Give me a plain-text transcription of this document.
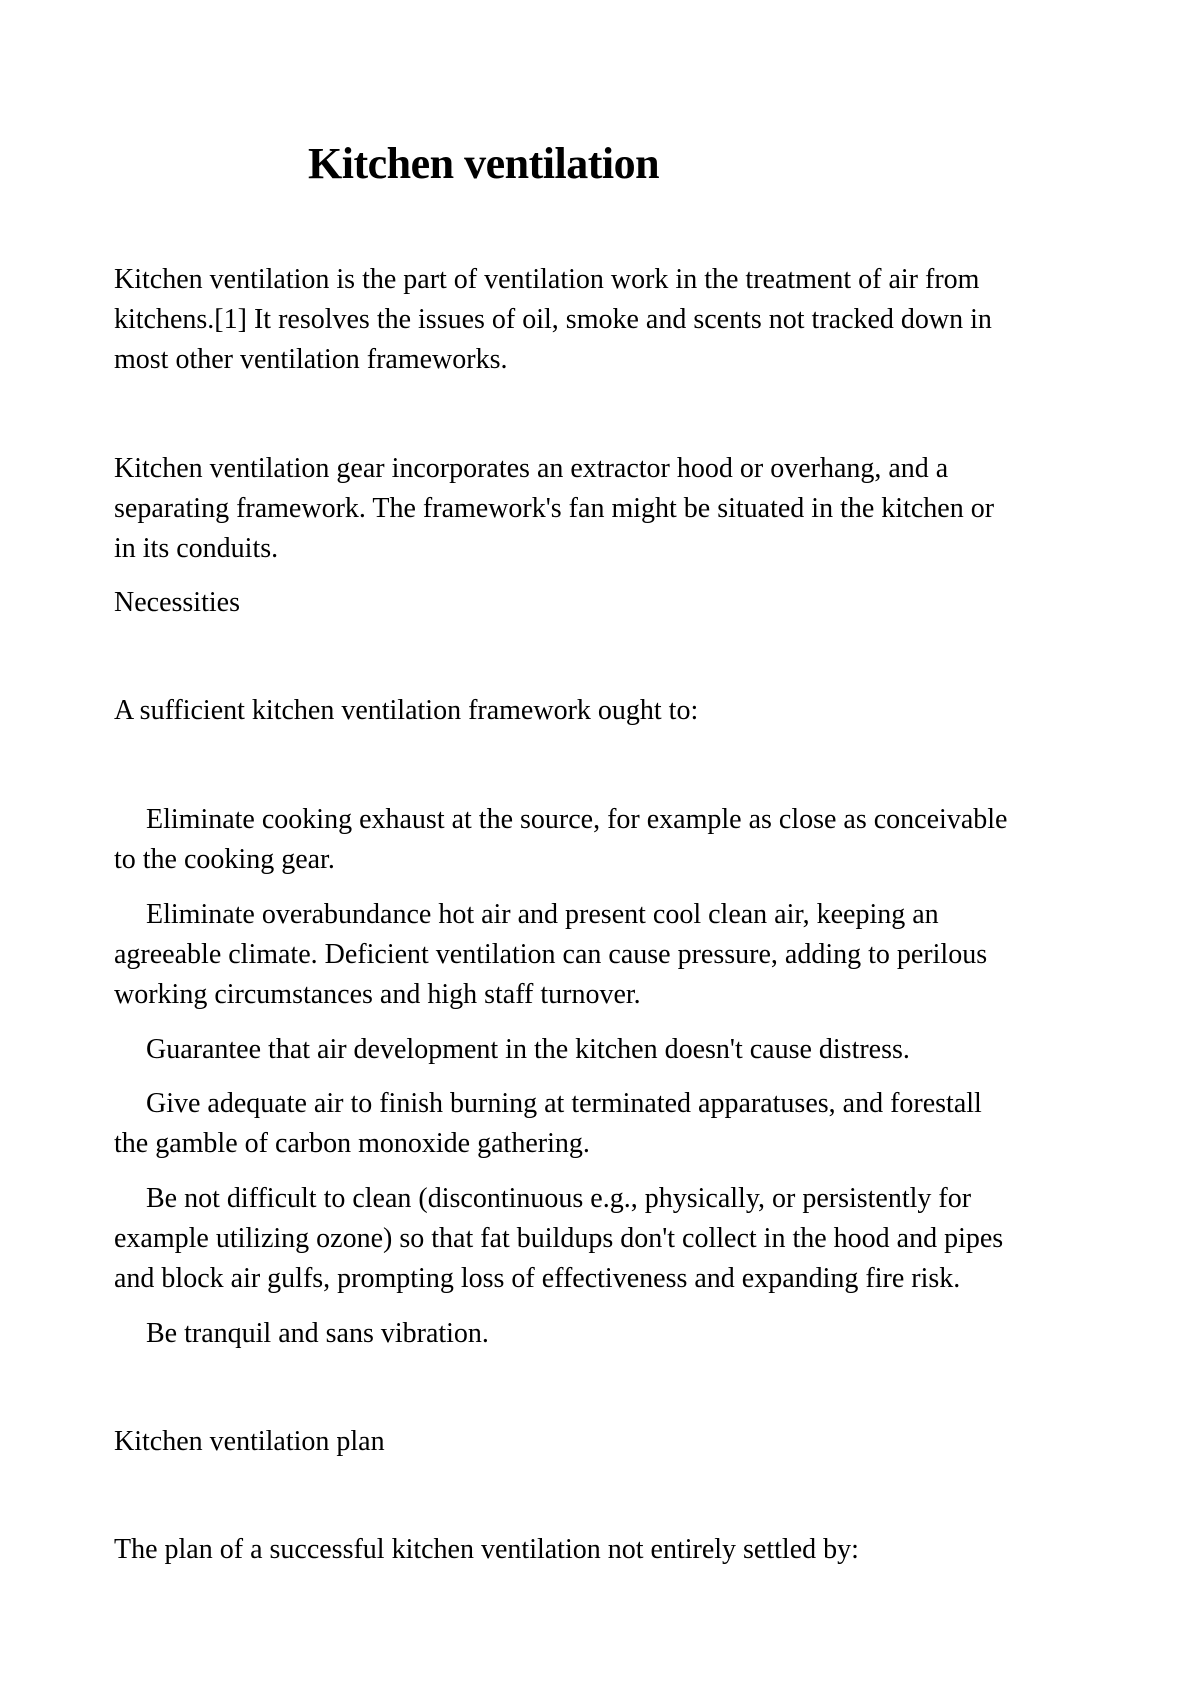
Kitchen ventilation

Kitchen ventilation is the part of ventilation work in the treatment of air from
kitchens.[1] It resolves the issues of oil, smoke and scents not tracked down in
most other ventilation frameworks.

Kitchen ventilation gear incorporates an extractor hood or overhang, and a
separating framework. The framework's fan might be situated in the kitchen or
in its conduits.

Necessities

A sufficient kitchen ventilation framework ought to:

Eliminate cooking exhaust at the source, for example as close as conceivable
to the cooking gear.

Eliminate overabundance hot air and present cool clean air, keeping an
agreeable climate. Deficient ventilation can cause pressure, adding to perilous
working circumstances and high staff turnover.

Guarantee that air development in the kitchen doesn't cause distress.

Give adequate air to finish burning at terminated apparatuses, and forestall
the gamble of carbon monoxide gathering.

Be not difficult to clean (discontinuous e.g., physically, or persistently for
example utilizing ozone) so that fat buildups don't collect in the hood and pipes
and block air gulfs, prompting loss of effectiveness and expanding fire risk.

Be tranquil and sans vibration.

Kitchen ventilation plan

The plan of a successful kitchen ventilation not entirely settled by:
